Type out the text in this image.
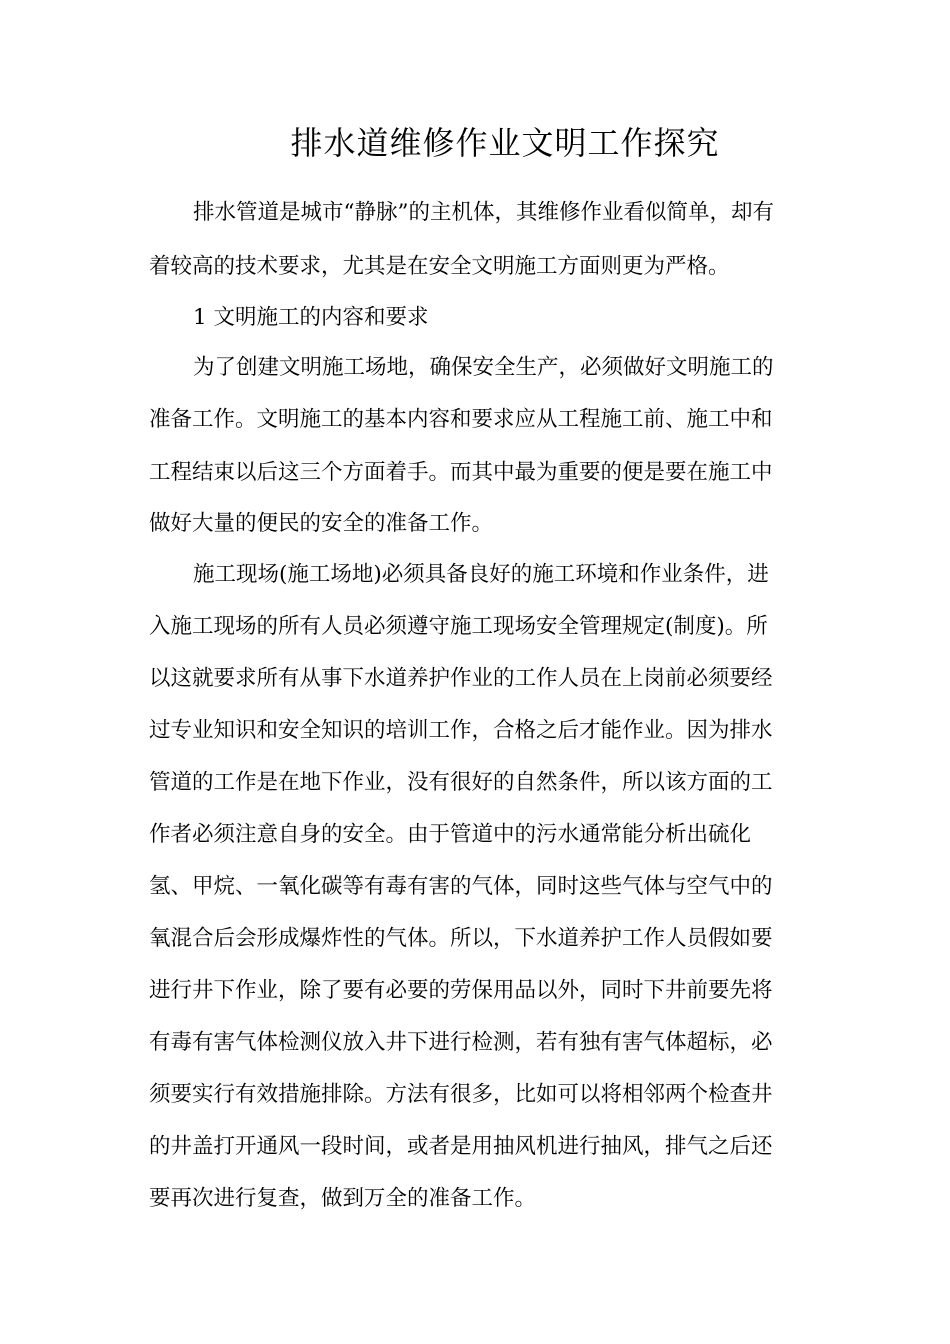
排水道维修作业文明工作探究

排水管道是城市“静脉”的主机体，其维修作业看似简单，却有

着较高的技术要求，尤其是在安全文明施工方面则更为严格。

1 文明施工的内容和要求

为了创建文明施工场地，确保安全生产，必须做好文明施工的

准备工作。文明施工的基本内容和要求应从工程施工前、施工中和

工程结束以后这三个方面着手。而其中最为重要的便是要在施工中

做好大量的便民的安全的准备工作。

施工现场(施工场地)必须具备良好的施工环境和作业条件，进

入施工现场的所有人员必须遵守施工现场安全管理规定(制度)。所

以这就要求所有从事下水道养护作业的工作人员在上岗前必须要经

过专业知识和安全知识的培训工作，合格之后才能作业。因为排水

管道的工作是在地下作业，没有很好的自然条件，所以该方面的工

作者必须注意自身的安全。由于管道中的污水通常能分析出硫化

氢、甲烷、一氧化碳等有毒有害的气体，同时这些气体与空气中的

氧混合后会形成爆炸性的气体。所以，下水道养护工作人员假如要

进行井下作业，除了要有必要的劳保用品以外，同时下井前要先将

有毒有害气体检测仪放入井下进行检测，若有独有害气体超标，必

须要实行有效措施排除。方法有很多，比如可以将相邻两个检查井

的井盖打开通风一段时间，或者是用抽风机进行抽风，排气之后还

要再次进行复查，做到万全的准备工作。
